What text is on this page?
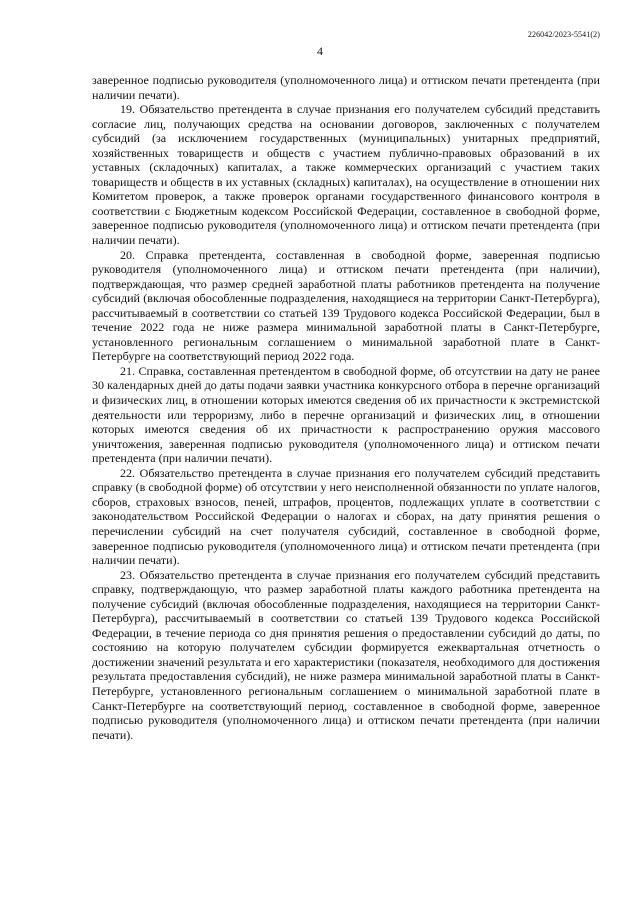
226042/2023-5541(2)
4

заверенное подписью руководителя (уполномоченного лица) и оттиском печати претендента (при наличии печати).

19. Обязательство претендента в случае признания его получателем субсидий представить согласие лиц, получающих средства на основании договоров, заключенных с получателем субсидий (за исключением государственных (муниципальных) унитарных предприятий, хозяйственных товариществ и обществ с участием публично-правовых образований в их уставных (складочных) капиталах, а также коммерческих организаций с участием таких товариществ и обществ в их уставных (складных) капиталах), на осуществление в отношении них Комитетом проверок, а также проверок органами государственного финансового контроля в соответствии с Бюджетным кодексом Российской Федерации, составленное в свободной форме, заверенное подписью руководителя (уполномоченного лица) и оттиском печати претендента (при наличии печати).

20. Справка претендента, составленная в свободной форме, заверенная подписью руководителя (уполномоченного лица) и оттиском печати претендента (при наличии), подтверждающая, что размер средней заработной платы работников претендента на получение субсидий (включая обособленные подразделения, находящиеся на территории Санкт-Петербурга), рассчитываемый в соответствии со статьей 139 Трудового кодекса Российской Федерации, был в течение 2022 года не ниже размера минимальной заработной платы в Санкт-Петербурге, установленного региональным соглашением о минимальной заработной плате в Санкт-Петербурге на соответствующий период 2022 года.

21. Справка, составленная претендентом в свободной форме, об отсутствии на дату не ранее 30 календарных дней до даты подачи заявки участника конкурсного отбора в перечне организаций и физических лиц, в отношении которых имеются сведения об их причастности к экстремистской деятельности или терроризму, либо в перечне организаций и физических лиц, в отношении которых имеются сведения об их причастности к распространению оружия массового уничтожения, заверенная подписью руководителя (уполномоченного лица) и оттиском печати претендента (при наличии печати).

22. Обязательство претендента в случае признания его получателем субсидий представить справку (в свободной форме) об отсутствии у него неисполненной обязанности по уплате налогов, сборов, страховых взносов, пеней, штрафов, процентов, подлежащих уплате в соответствии с законодательством Российской Федерации о налогах и сборах, на дату принятия решения о перечислении субсидий на счет получателя субсидий, составленное в свободной форме, заверенное подписью руководителя (уполномоченного лица) и оттиском печати претендента (при наличии печати).

23. Обязательство претендента в случае признания его получателем субсидий представить справку, подтверждающую, что размер заработной платы каждого работника претендента на получение субсидий (включая обособленные подразделения, находящиеся на территории Санкт-Петербурга), рассчитываемый в соответствии со статьей 139 Трудового кодекса Российской Федерации, в течение периода со дня принятия решения о предоставлении субсидий до даты, по состоянию на которую получателем субсидии формируется ежеквартальная отчетность о достижении значений результата и его характеристики (показателя, необходимого для достижения результата предоставления субсидий), не ниже размера минимальной заработной платы в Санкт-Петербурге, установленного региональным соглашением о минимальной заработной плате в Санкт-Петербурге на соответствующий период, составленное в свободной форме, заверенное подписью руководителя (уполномоченного лица) и оттиском печати претендента (при наличии печати).
